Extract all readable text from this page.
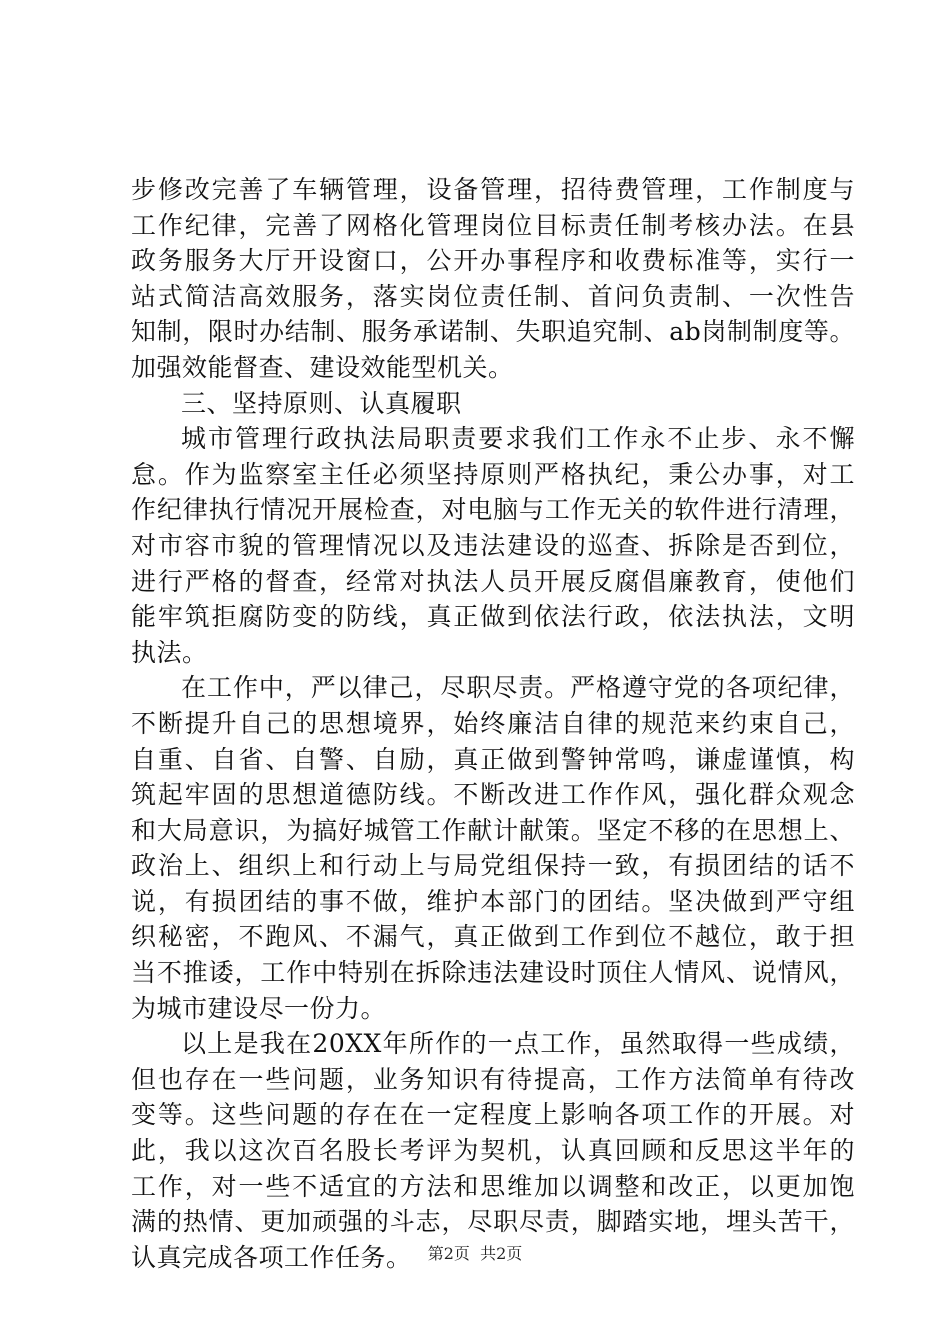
步修改完善了车辆管理，设备管理，招待费管理，工作制度与
工作纪律，完善了网格化管理岗位目标责任制考核办法。在县
政务服务大厅开设窗口，公开办事程序和收费标准等，实行一
站式简洁高效服务，落实岗位责任制、首问负责制、一次性告
知制，限时办结制、服务承诺制、失职追究制、ab岗制制度等。
加强效能督查、建设效能型机关。
三、坚持原则、认真履职
城市管理行政执法局职责要求我们工作永不止步、永不懈
怠。作为监察室主任必须坚持原则严格执纪，秉公办事，对工
作纪律执行情况开展检查，对电脑与工作无关的软件进行清理，
对市容市貌的管理情况以及违法建设的巡查、拆除是否到位，
进行严格的督查，经常对执法人员开展反腐倡廉教育，使他们
能牢筑拒腐防变的防线，真正做到依法行政，依法执法，文明
执法。
在工作中，严以律己，尽职尽责。严格遵守党的各项纪律，
不断提升自己的思想境界，始终廉洁自律的规范来约束自己，
自重、自省、自警、自励，真正做到警钟常鸣，谦虚谨慎，构
筑起牢固的思想道德防线。不断改进工作作风，强化群众观念
和大局意识，为搞好城管工作献计献策。坚定不移的在思想上、
政治上、组织上和行动上与局党组保持一致，有损团结的话不
说，有损团结的事不做，维护本部门的团结。坚决做到严守组
织秘密，不跑风、不漏气，真正做到工作到位不越位，敢于担
当不推诿，工作中特别在拆除违法建设时顶住人情风、说情风，
为城市建设尽一份力。
以上是我在20XX年所作的一点工作，虽然取得一些成绩，
但也存在一些问题，业务知识有待提高，工作方法简单有待改
变等。这些问题的存在在一定程度上影响各项工作的开展。对
此，我以这次百名股长考评为契机，认真回顾和反思这半年的
工作，对一些不适宜的方法和思维加以调整和改正，以更加饱
满的热情、更加顽强的斗志，尽职尽责，脚踏实地，埋头苦干，
认真完成各项工作任务。	第2页  共2页
